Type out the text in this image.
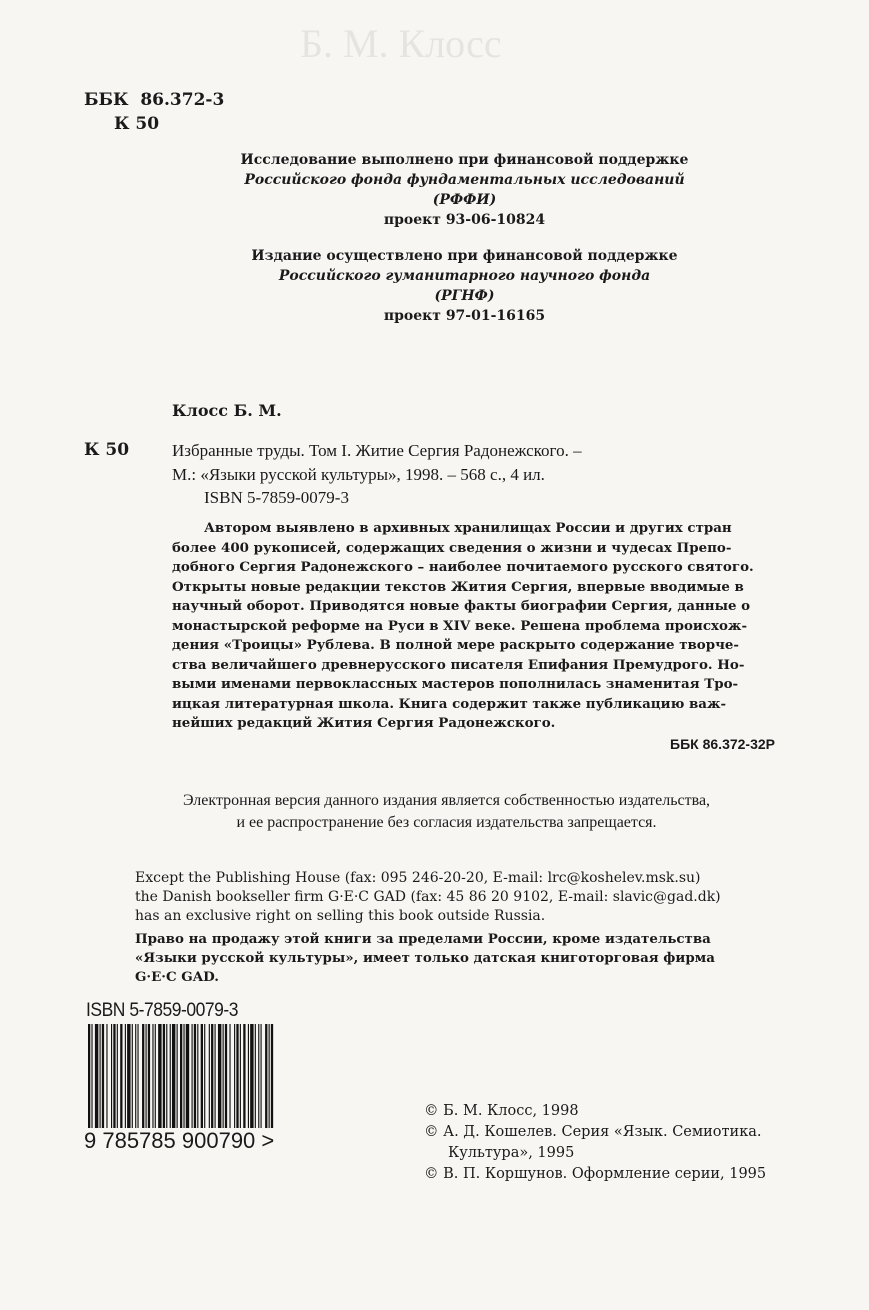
Б. М. Клосс
ББК  86.372-3
К 50
Исследование выполнено при финансовой поддержке
Российского фонда фундаментальных исследований
(РФФИ)
проект 93-06-10824
Издание осуществлено при финансовой поддержке
Российского гуманитарного научного фонда
(РГНФ)
проект 97-01-16165
Клосс Б. М.
К 50	Избранные труды. Том I. Житие Сергия Радонежского. –
М.: «Языки русской культуры», 1998. – 568 с., 4 ил.
ISBN 5-7859-0079-3
Автором выявлено в архивных хранилищах России и других стран
более 400 рукописей, содержащих сведения о жизни и чудесах Препо-
добного Сергия Радонежского – наиболее почитаемого русского святого.
Открыты новые редакции текстов Жития Сергия, впервые вводимые в
научный оборот. Приводятся новые факты биографии Сергия, данные о
монастырской реформе на Руси в XIV веке. Решена проблема происхож-
дения «Троицы» Рублева. В полной мере раскрыто содержание творче-
ства величайшего древнерусского писателя Епифания Премудрого. Но-
выми именами первоклассных мастеров пополнилась знаменитая Тро-
ицкая литературная школа. Книга содержит также публикацию важ-
нейших редакций Жития Сергия Радонежского.
ББК 86.372-32Р
Электронная версия данного издания является собственностью издательства,
и ее распространение без согласия издательства запрещается.
Except the Publishing House (fax: 095 246-20-20, E-mail: lrc@koshelev.msk.su)
the Danish bookseller firm G·E·C GAD (fax: 45 86 20 9102, E-mail: slavic@gad.dk)
has an exclusive right on selling this book outside Russia.
Право на продажу этой книги за пределами России, кроме издательства
«Языки русской культуры», имеет только датская книготорговая фирма
G·E·C GAD.
ISBN 5-7859-0079-3
9 785785 900790 >
© Б. М. Клосс, 1998
© А. Д. Кошелев. Серия «Язык. Семиотика.
Культура», 1995
© В. П. Коршунов. Оформление серии, 1995
